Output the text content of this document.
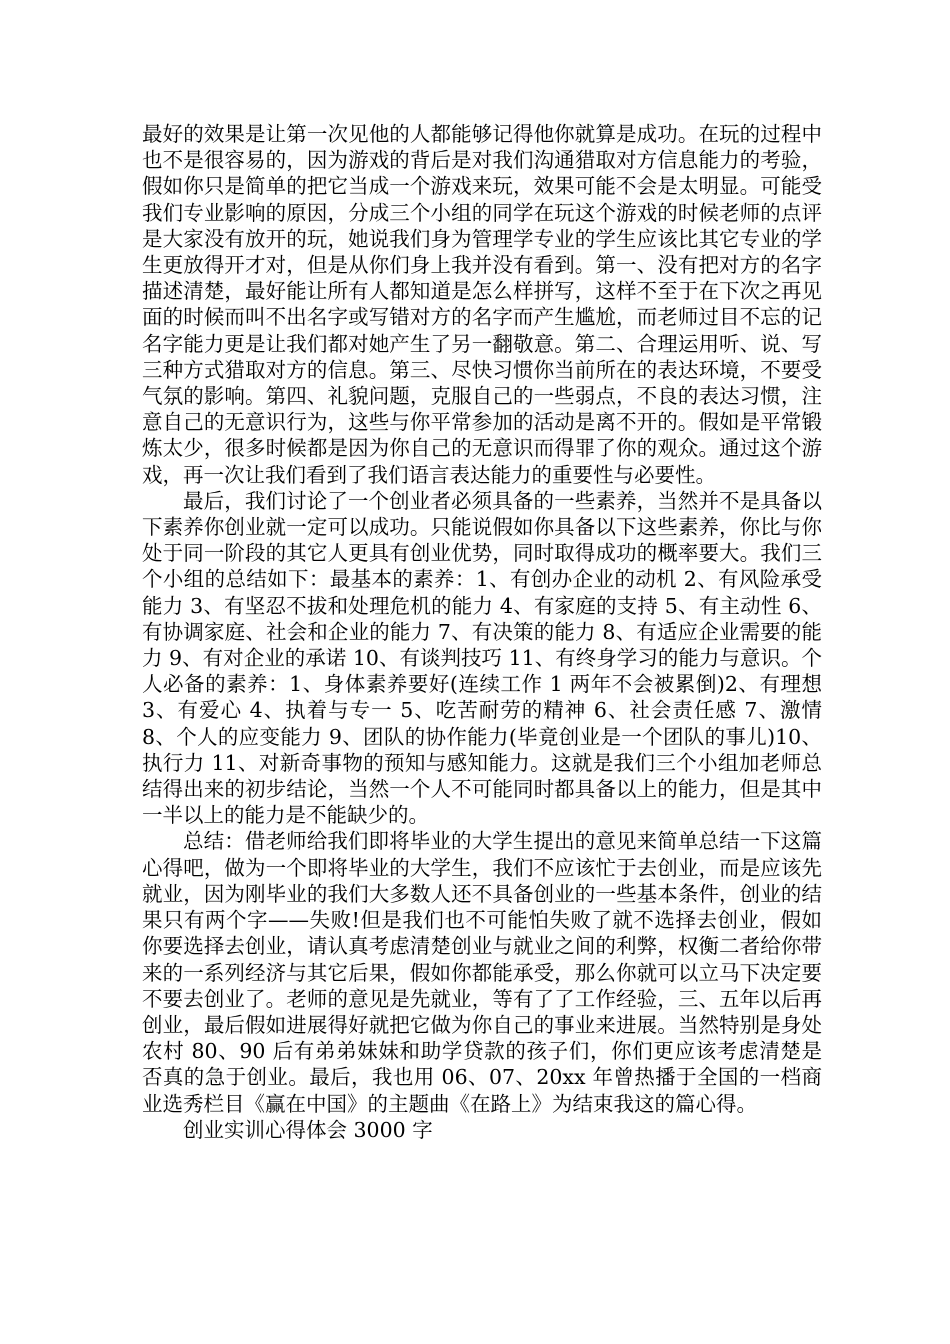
最好的效果是让第一次见他的人都能够记得他你就算是成功。在玩的过程中也不是很容易的，因为游戏的背后是对我们沟通猎取对方信息能力的考验，假如你只是简单的把它当成一个游戏来玩，效果可能不会是太明显。可能受我们专业影响的原因，分成三个小组的同学在玩这个游戏的时候老师的点评是大家没有放开的玩，她说我们身为管理学专业的学生应该比其它专业的学生更放得开才对，但是从你们身上我并没有看到。第一、没有把对方的名字描述清楚，最好能让所有人都知道是怎么样拼写，这样不至于在下次之再见面的时候而叫不出名字或写错对方的名字而产生尴尬，而老师过目不忘的记名字能力更是让我们都对她产生了另一翻敬意。第二、合理运用听、说、写三种方式猎取对方的信息。第三、尽快习惯你当前所在的表达环境，不要受气氛的影响。第四、礼貌问题，克服自己的一些弱点，不良的表达习惯，注意自己的无意识行为，这些与你平常参加的活动是离不开的。假如是平常锻炼太少，很多时候都是因为你自己的无意识而得罪了你的观众。通过这个游戏，再一次让我们看到了我们语言表达能力的重要性与必要性。

最后，我们讨论了一个创业者必须具备的一些素养，当然并不是具备以下素养你创业就一定可以成功。只能说假如你具备以下这些素养，你比与你处于同一阶段的其它人更具有创业优势，同时取得成功的概率要大。我们三个小组的总结如下：最基本的素养：1、有创办企业的动机 2、有风险承受能力 3、有坚忍不拔和处理危机的能力 4、有家庭的支持 5、有主动性 6、有协调家庭、社会和企业的能力 7、有决策的能力 8、有适应企业需要的能力 9、有对企业的承诺 10、有谈判技巧 11、有终身学习的能力与意识。个人必备的素养：1、身体素养要好(连续工作 1 两年不会被累倒)2、有理想 3、有爱心 4、执着与专一 5、吃苦耐劳的精神 6、社会责任感 7、激情 8、个人的应变能力 9、团队的协作能力(毕竟创业是一个团队的事儿)10、执行力 11、对新奇事物的预知与感知能力。这就是我们三个小组加老师总结得出来的初步结论，当然一个人不可能同时都具备以上的能力，但是其中一半以上的能力是不能缺少的。

总结：借老师给我们即将毕业的大学生提出的意见来简单总结一下这篇心得吧，做为一个即将毕业的大学生，我们不应该忙于去创业，而是应该先就业，因为刚毕业的我们大多数人还不具备创业的一些基本条件，创业的结果只有两个字——失败!但是我们也不可能怕失败了就不选择去创业，假如你要选择去创业，请认真考虑清楚创业与就业之间的利弊，权衡二者给你带来的一系列经济与其它后果，假如你都能承受，那么你就可以立马下决定要不要去创业了。老师的意见是先就业，等有了了工作经验，三、五年以后再创业，最后假如进展得好就把它做为你自己的事业来进展。当然特别是身处农村 80、90 后有弟弟妹妹和助学贷款的孩子们，你们更应该考虑清楚是否真的急于创业。最后，我也用 06、07、20xx 年曾热播于全国的一档商业选秀栏目《赢在中国》的主题曲《在路上》为结束我这的篇心得。

创业实训心得体会 3000 字
